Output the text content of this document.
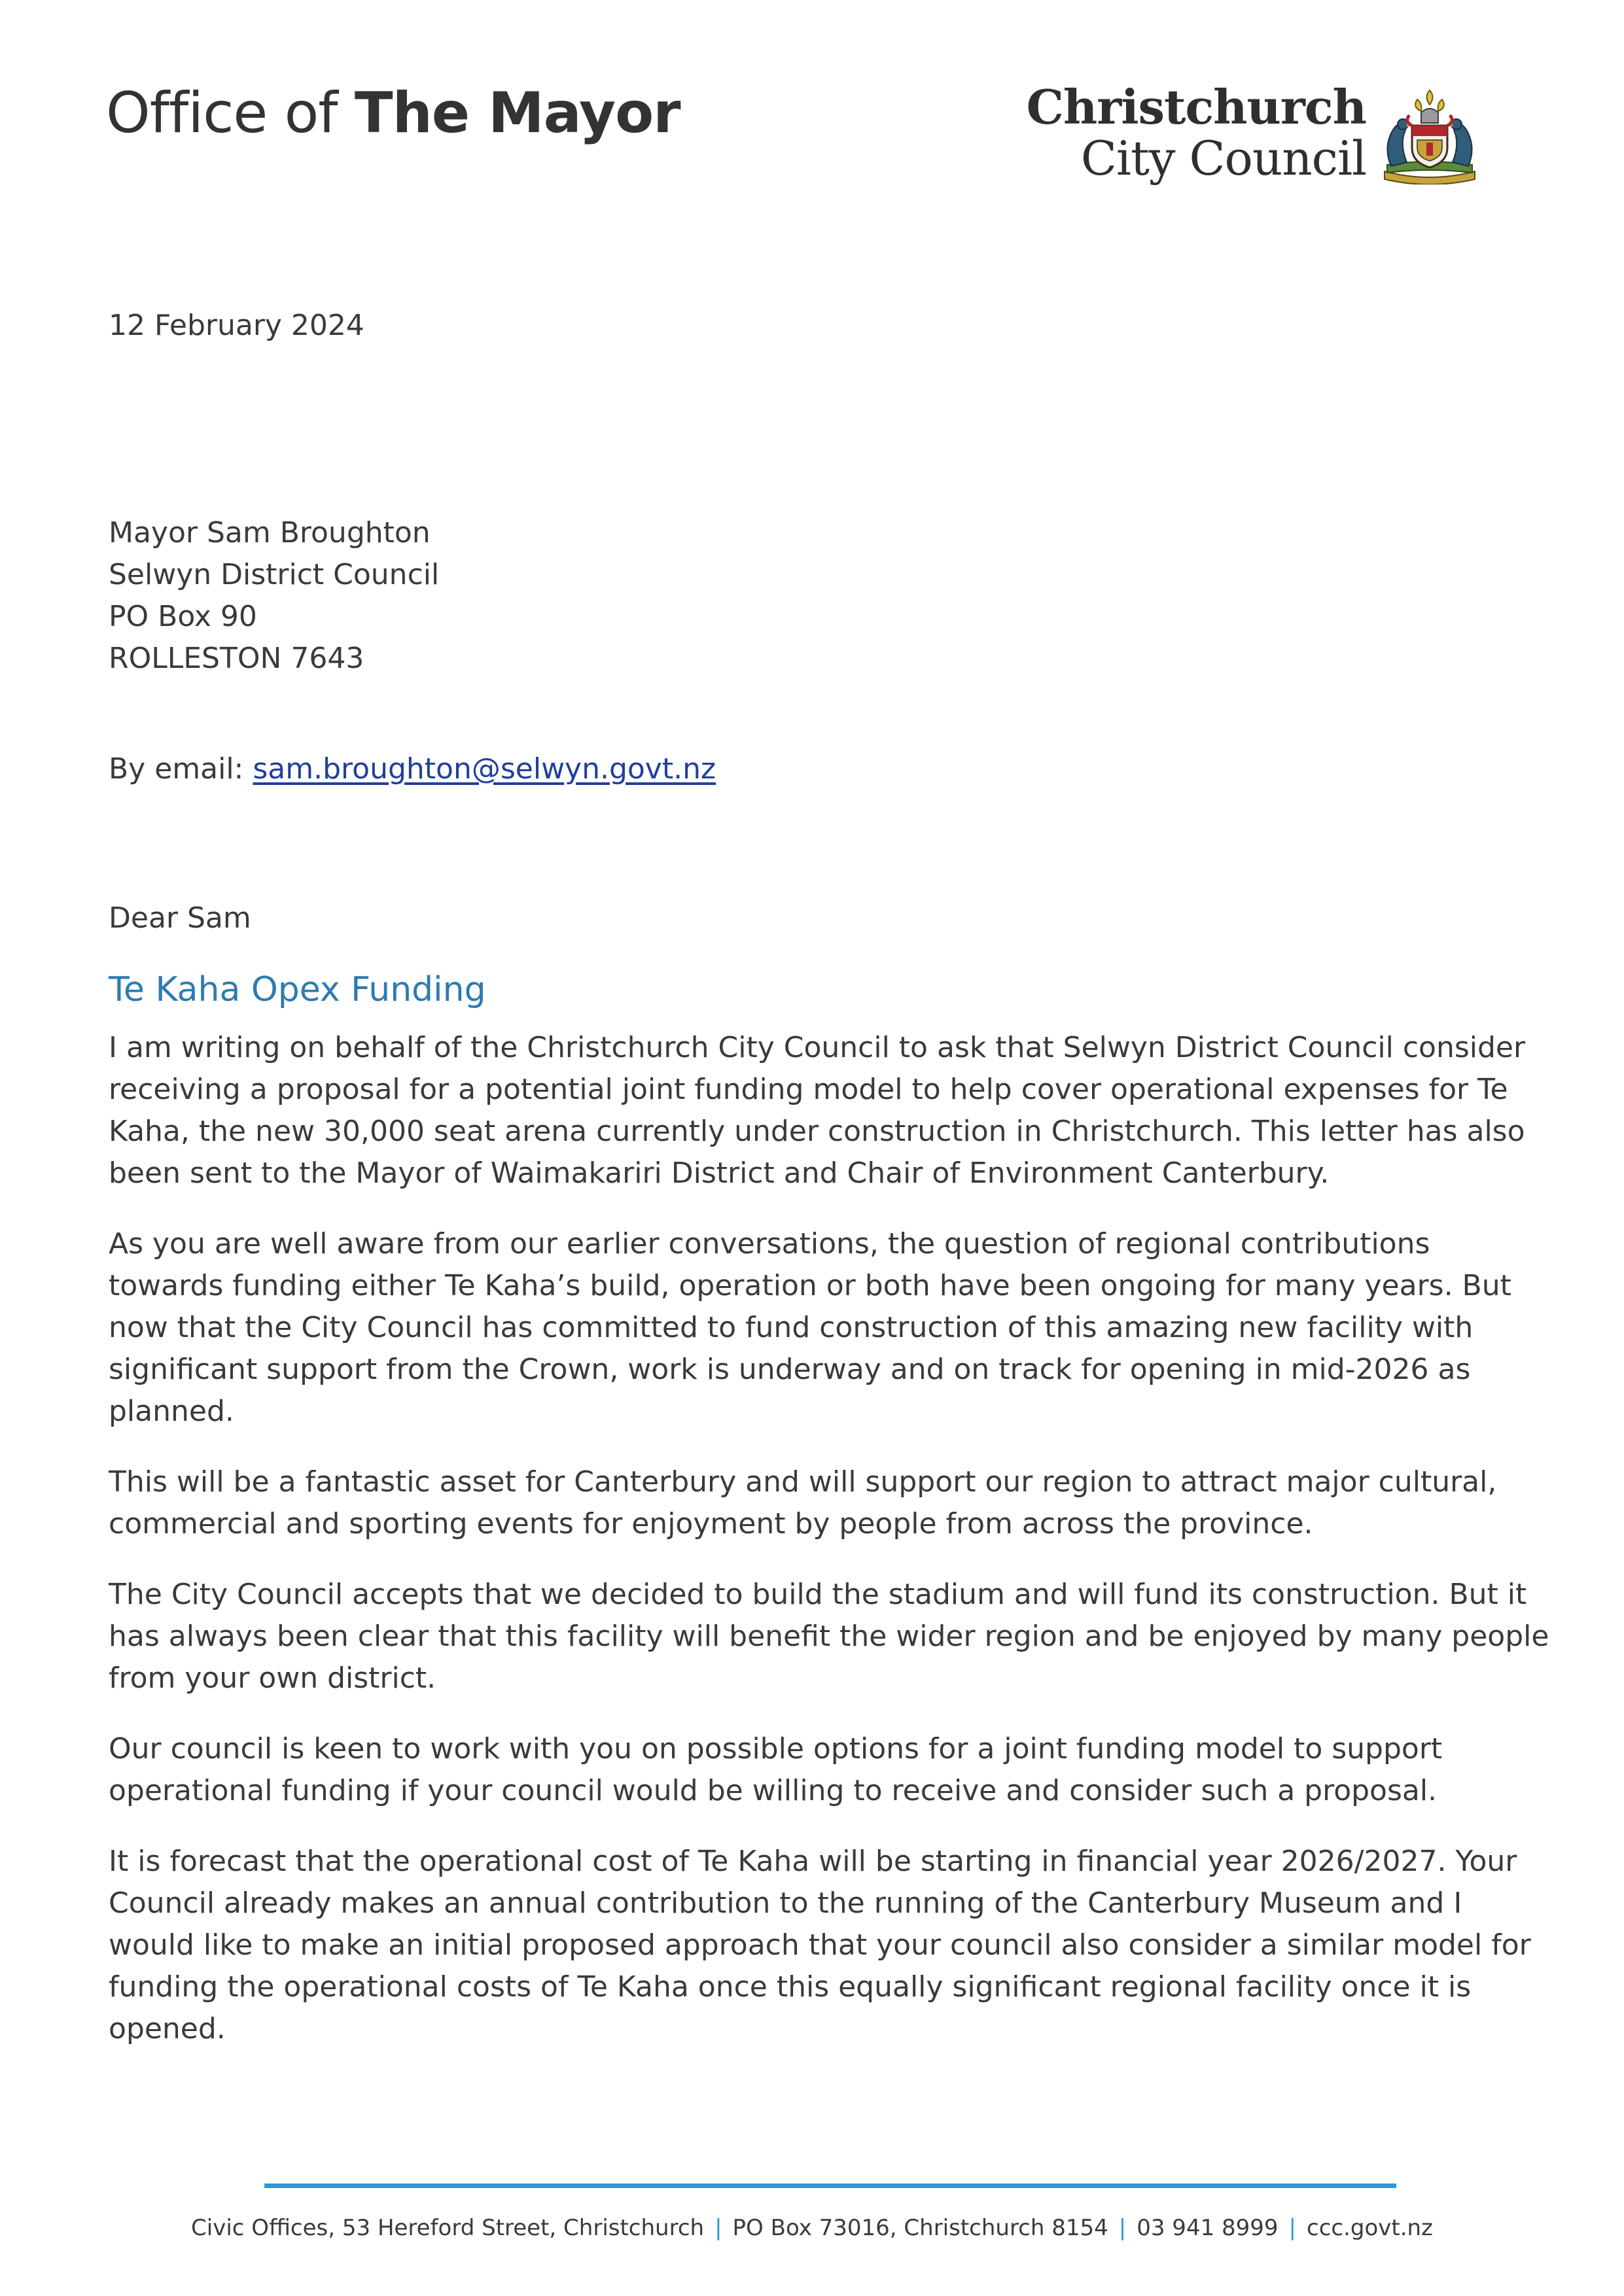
Office of The Mayor	Christchurch
City Council
12 February 2024
Mayor Sam Broughton
Selwyn District Council
PO Box 90
ROLLESTON 7643
By email: sam.broughton@selwyn.govt.nz
Dear Sam
Te Kaha Opex Funding

I am writing on behalf of the Christchurch City Council to ask that Selwyn District Council consider
receiving a proposal for a potential joint funding model to help cover operational expenses for Te
Kaha, the new 30,000 seat arena currently under construction in Christchurch. This letter has also
been sent to the Mayor of Waimakariri District and Chair of Environment Canterbury.

As you are well aware from our earlier conversations, the question of regional contributions
towards funding either Te Kaha’s build, operation or both have been ongoing for many years. But
now that the City Council has committed to fund construction of this amazing new facility with
significant support from the Crown, work is underway and on track for opening in mid-2026 as
planned.

This will be a fantastic asset for Canterbury and will support our region to attract major cultural,
commercial and sporting events for enjoyment by people from across the province.

The City Council accepts that we decided to build the stadium and will fund its construction. But it
has always been clear that this facility will benefit the wider region and be enjoyed by many people
from your own district.

Our council is keen to work with you on possible options for a joint funding model to support
operational funding if your council would be willing to receive and consider such a proposal.

It is forecast that the operational cost of Te Kaha will be starting in financial year 2026/2027. Your
Council already makes an annual contribution to the running of the Canterbury Museum and I
would like to make an initial proposed approach that your council also consider a similar model for
funding the operational costs of Te Kaha once this equally significant regional facility once it is
opened.

Civic Offices, 53 Hereford Street, Christchurch | PO Box 73016, Christchurch 8154 | 03 941 8999 | ccc.govt.nz
